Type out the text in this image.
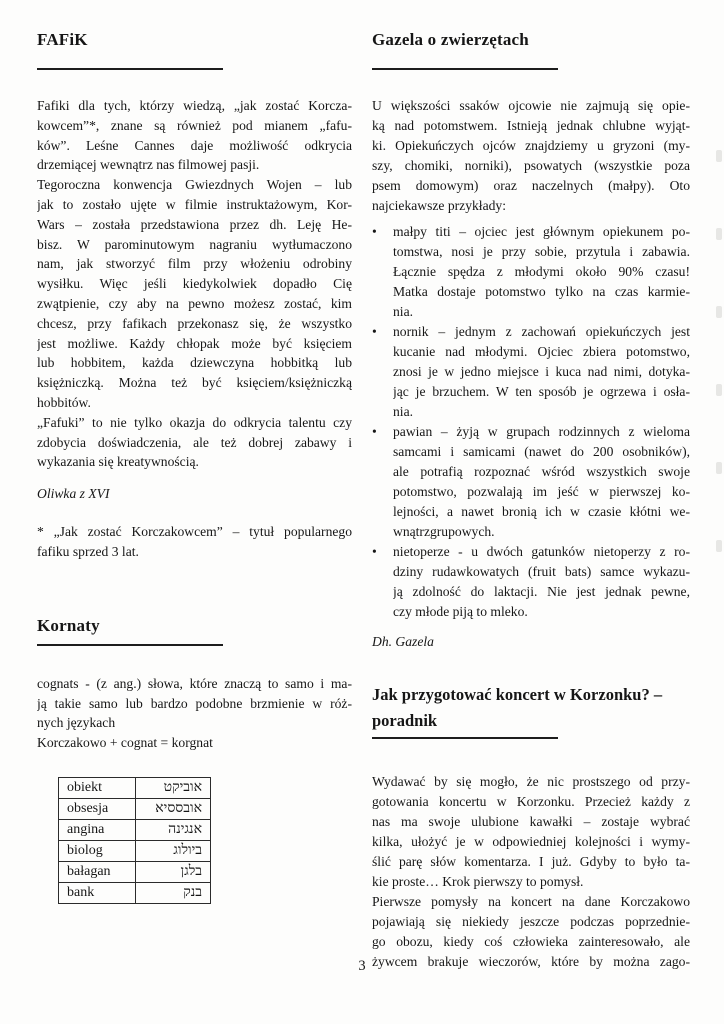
FAFiK
Fafiki dla tych, którzy wiedzą, „jak zostać Korcza-
kowcem”*, znane są również pod mianem „fafu-
ków”. Leśne Cannes daje możliwość odkrycia
drzemiącej wewnątrz nas filmowej pasji.
Tegoroczna konwencja Gwiezdnych Wojen – lub
jak to zostało ujęte w filmie instruktażowym, Kor-
Wars – została przedstawiona przez dh. Leję He-
bisz. W parominutowym nagraniu wytłumaczono
nam, jak stworzyć film przy włożeniu odrobiny
wysiłku. Więc jeśli kiedykolwiek dopadło Cię
zwątpienie, czy aby na pewno możesz zostać, kim
chcesz, przy fafikach przekonasz się, że wszystko
jest możliwe. Każdy chłopak może być księciem
lub hobbitem, każda dziewczyna hobbitką lub
księżniczką. Można też być księciem/księżniczką
hobbitów.
„Fafuki” to nie tylko okazja do odkrycia talentu czy
zdobycia doświadczenia, ale też dobrej zabawy i
wykazania się kreatywnością.
Oliwka z XVI
* „Jak zostać Korczakowcem” – tytuł popularnego
fafiku sprzed 3 lat.
Kornaty
cognats - (z ang.) słowa, które znaczą to samo i ma-
ją takie samo lub bardzo podobne brzmienie w róż-
nych językach
Korczakowo + cognat = korgnat
obiekt	אוביקט
obsesja	אובססיא
angina	אנגינה
biolog	ביולוג
bałagan	בלגן
bank	בנק
Gazela o zwierzętach
U większości ssaków ojcowie nie zajmują się opie-
ką nad potomstwem. Istnieją jednak chlubne wyjąt-
ki. Opiekuńczych ojców znajdziemy u gryzoni (my-
szy, chomiki, norniki), psowatych (wszystkie poza
psem domowym) oraz naczelnych (małpy). Oto
najciekawsze przykłady:
•	małpy titi – ojciec jest głównym opiekunem po-
tomstwa, nosi je przy sobie, przytula i zabawia.
Łącznie spędza z młodymi około 90% czasu!
Matka dostaje potomstwo tylko na czas karmie-
nia.
•	nornik – jednym z zachowań opiekuńczych jest
kucanie nad młodymi. Ojciec zbiera potomstwo,
znosi je w jedno miejsce i kuca nad nimi, dotyka-
jąc je brzuchem. W ten sposób je ogrzewa i osła-
nia.
•	pawian – żyją w grupach rodzinnych z wieloma
samcami i samicami (nawet do 200 osobników),
ale potrafią rozpoznać wśród wszystkich swoje
potomstwo, pozwalają im jeść w pierwszej ko-
lejności, a nawet bronią ich w czasie kłótni we-
wnątrzgrupowych.
•	nietoperze - u dwóch gatunków nietoperzy z ro-
dziny rudawkowatych (fruit bats) samce wykazu-
ją zdolność do laktacji. Nie jest jednak pewne,
czy młode piją to mleko.
Dh. Gazela
Jak przygotować koncert w Korzonku? –
poradnik
Wydawać by się mogło, że nic prostszego od przy-
gotowania koncertu w Korzonku. Przecież każdy z
nas ma swoje ulubione kawałki – zostaje wybrać
kilka, ułożyć je w odpowiedniej kolejności i wymy-
ślić parę słów komentarza. I już. Gdyby to było ta-
kie proste… Krok pierwszy to pomysł.
Pierwsze pomysły na koncert na dane Korczakowo
pojawiają się niekiedy jeszcze podczas poprzednie-
go obozu, kiedy coś człowieka zainteresowało, ale
żywcem brakuje wieczorów, które by można zago-
3
